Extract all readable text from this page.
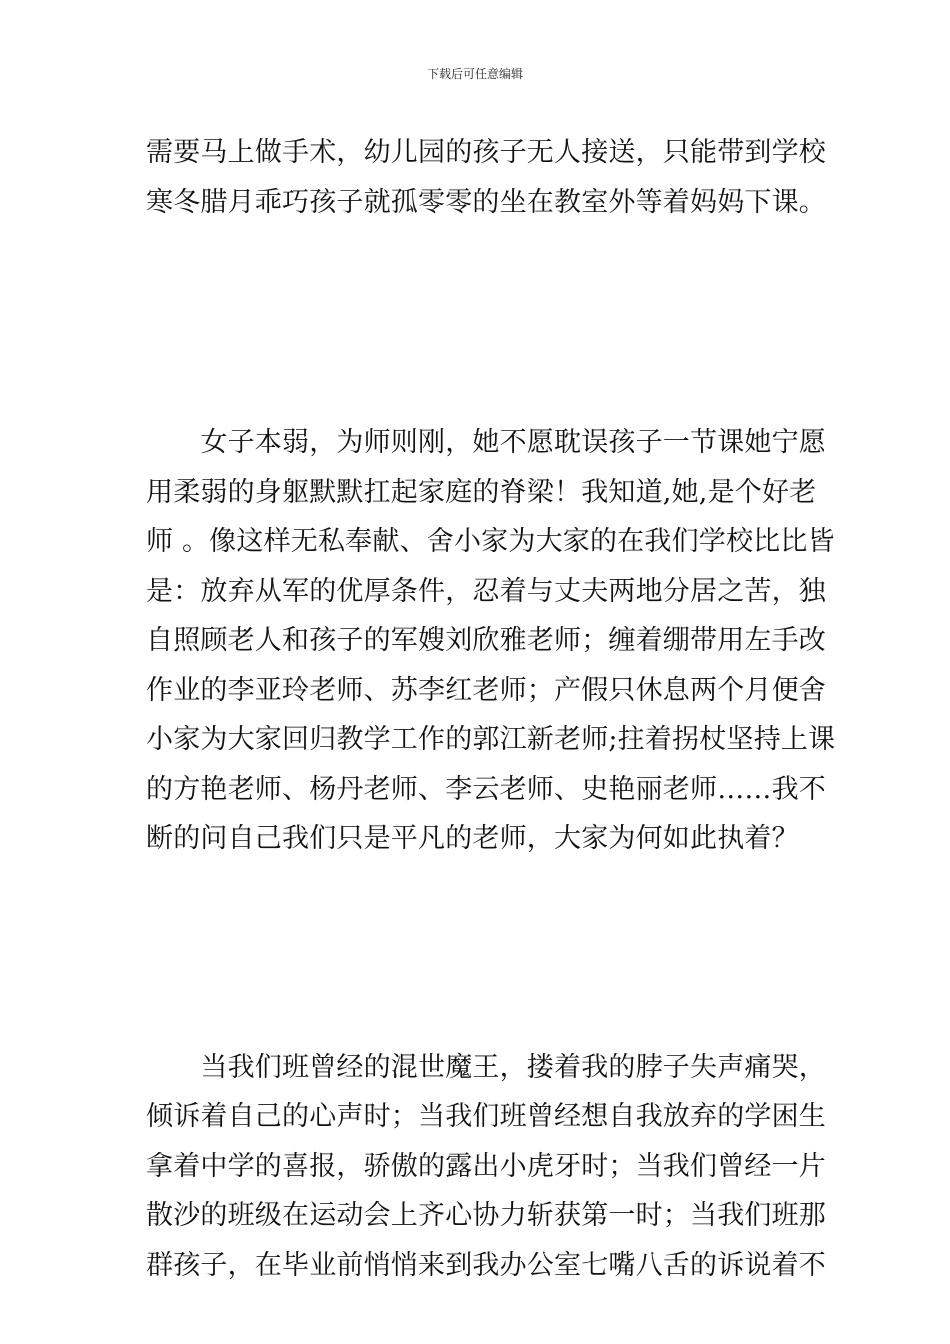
下载后可任意编辑
需要马上做手术，幼儿园的孩子无人接送，只能带到学校
寒冬腊月乖巧孩子就孤零零的坐在教室外等着妈妈下课。
　　女子本弱，为师则刚，她不愿耽误孩子一节课她宁愿
用柔弱的身躯默默扛起家庭的脊梁！我知道,她,是个好老
师 。像这样无私奉献、舍小家为大家的在我们学校比比皆
是：放弃从军的优厚条件，忍着与丈夫两地分居之苦，独
自照顾老人和孩子的军嫂刘欣雅老师；缠着绷带用左手改
作业的李亚玲老师、苏李红老师；产假只休息两个月便舍
小家为大家回归教学工作的郭江新老师;拄着拐杖坚持上课
的方艳老师、杨丹老师、李云老师、史艳丽老师……我不
断的问自己我们只是平凡的老师，大家为何如此执着？
　　当我们班曾经的混世魔王，搂着我的脖子失声痛哭，
倾诉着自己的心声时；当我们班曾经想自我放弃的学困生
拿着中学的喜报，骄傲的露出小虎牙时；当我们曾经一片
散沙的班级在运动会上齐心协力斩获第一时；当我们班那
群孩子，在毕业前悄悄来到我办公室七嘴八舌的诉说着不
